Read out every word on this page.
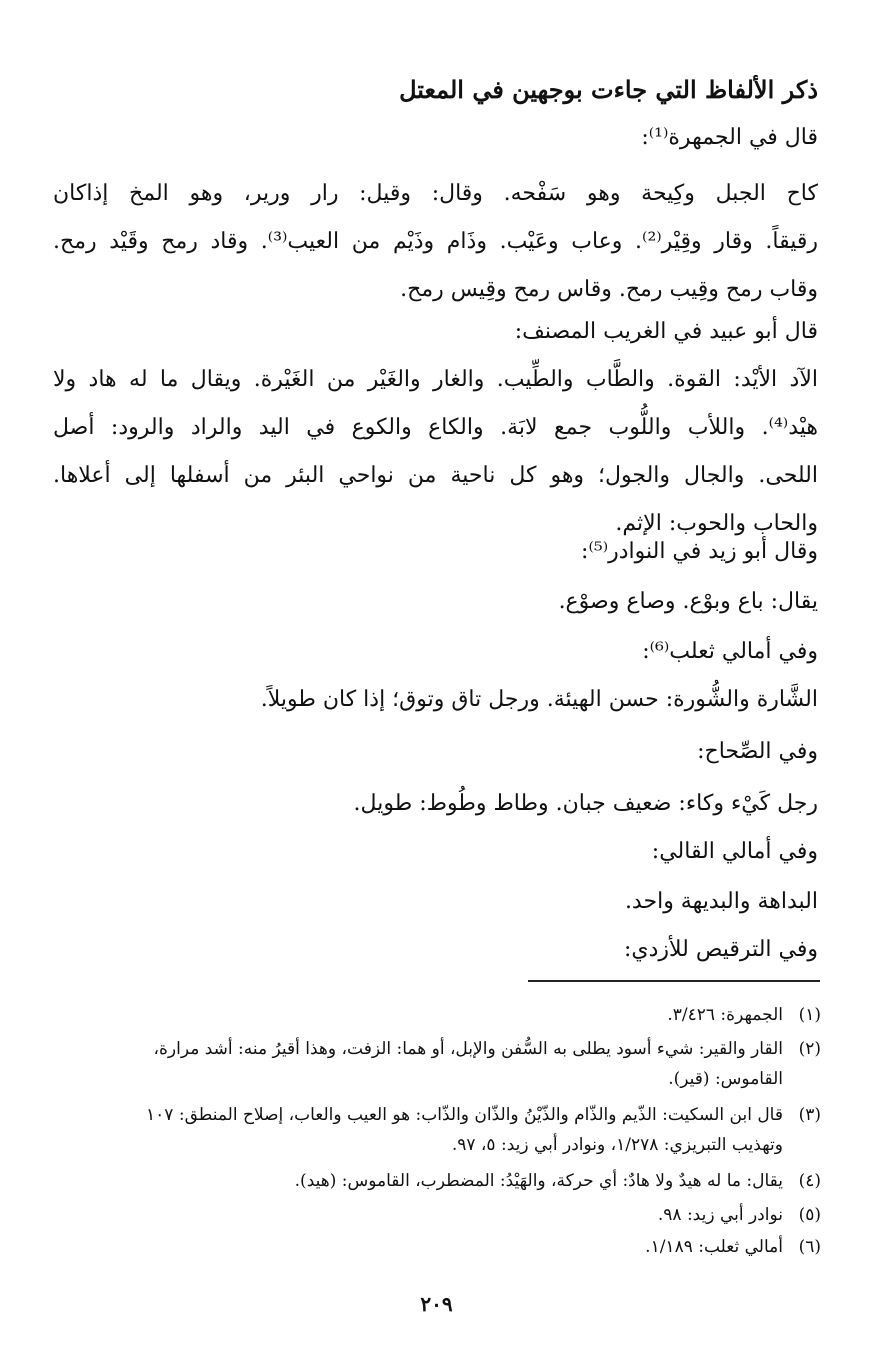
ذكر الألفاظ التي جاءت بوجهين في المعتل
قال في الجمهرة⁽¹⁾:
كاح الجبل وكِيحة وهو سَفْحه. وقال: وقيل: رار ورير، وهو المخ إذاكان
رقيقاً. وقار وقِيْر⁽²⁾. وعاب وعَيْب. وذَام وذَيْم من العيب⁽³⁾. وقاد رمح وقَيْد رمح.
وقاب رمح وقِيب رمح. وقاس رمح وقِيس رمح.
قال أبو عبيد في الغريب المصنف:
الآد الأيْد: القوة. والطَّاب والطِّيب. والغار والغَيْر من الغَيْرة. ويقال ما له هاد ولا
هيْد⁽⁴⁾. واللأب واللُّوب جمع لابَة. والكاع والكوع في اليد والراد والرود: أصل
اللحى. والجال والجول؛ وهو كل ناحية من نواحي البئر من أسفلها إلى أعلاها.
والحاب والحوب: الإثم.
وقال أبو زيد في النوادر⁽⁵⁾:
يقال: باع وبوْع. وصاع وصوْع.
وفي أمالي ثعلب⁽⁶⁾:
الشَّارة والشُّورة: حسن الهيئة. ورجل تاق وتوق؛ إذا كان طويلاً.
وفي الصِّحاح:
رجل كَيْء وكاء: ضعيف جبان. وطاط وطُوط: طويل.
وفي أمالي القالي:
البداهة والبديهة واحد.
وفي الترقيص للأزدي:
(١)الجمهرة: ٣/٤٢٦.
(٢)القار والقير: شيء أسود يطلى به السُّفن والإبل، أو هما: الزفت، وهذا أقيرُ منه: أشد مرارة،
القاموس: (قير).
(٣)قال ابن السكيت: الذّيم والذّام والذّيْنُ والذّان والذّاب: هو العيب والعاب، إصلاح المنطق: ١٠٧
وتهذيب التبريزي: ١/٢٧٨، ونوادر أبي زيد: ٥، ٩٧.
(٤)يقال: ما له هيدٌ ولا هادٌ: أي حركة، والهَيْدُ: المضطرب، القاموس: (هيد).
(٥)نوادر أبي زيد: ٩٨.
(٦)أمالي ثعلب: ١/١٨٩.
٢٠٩
